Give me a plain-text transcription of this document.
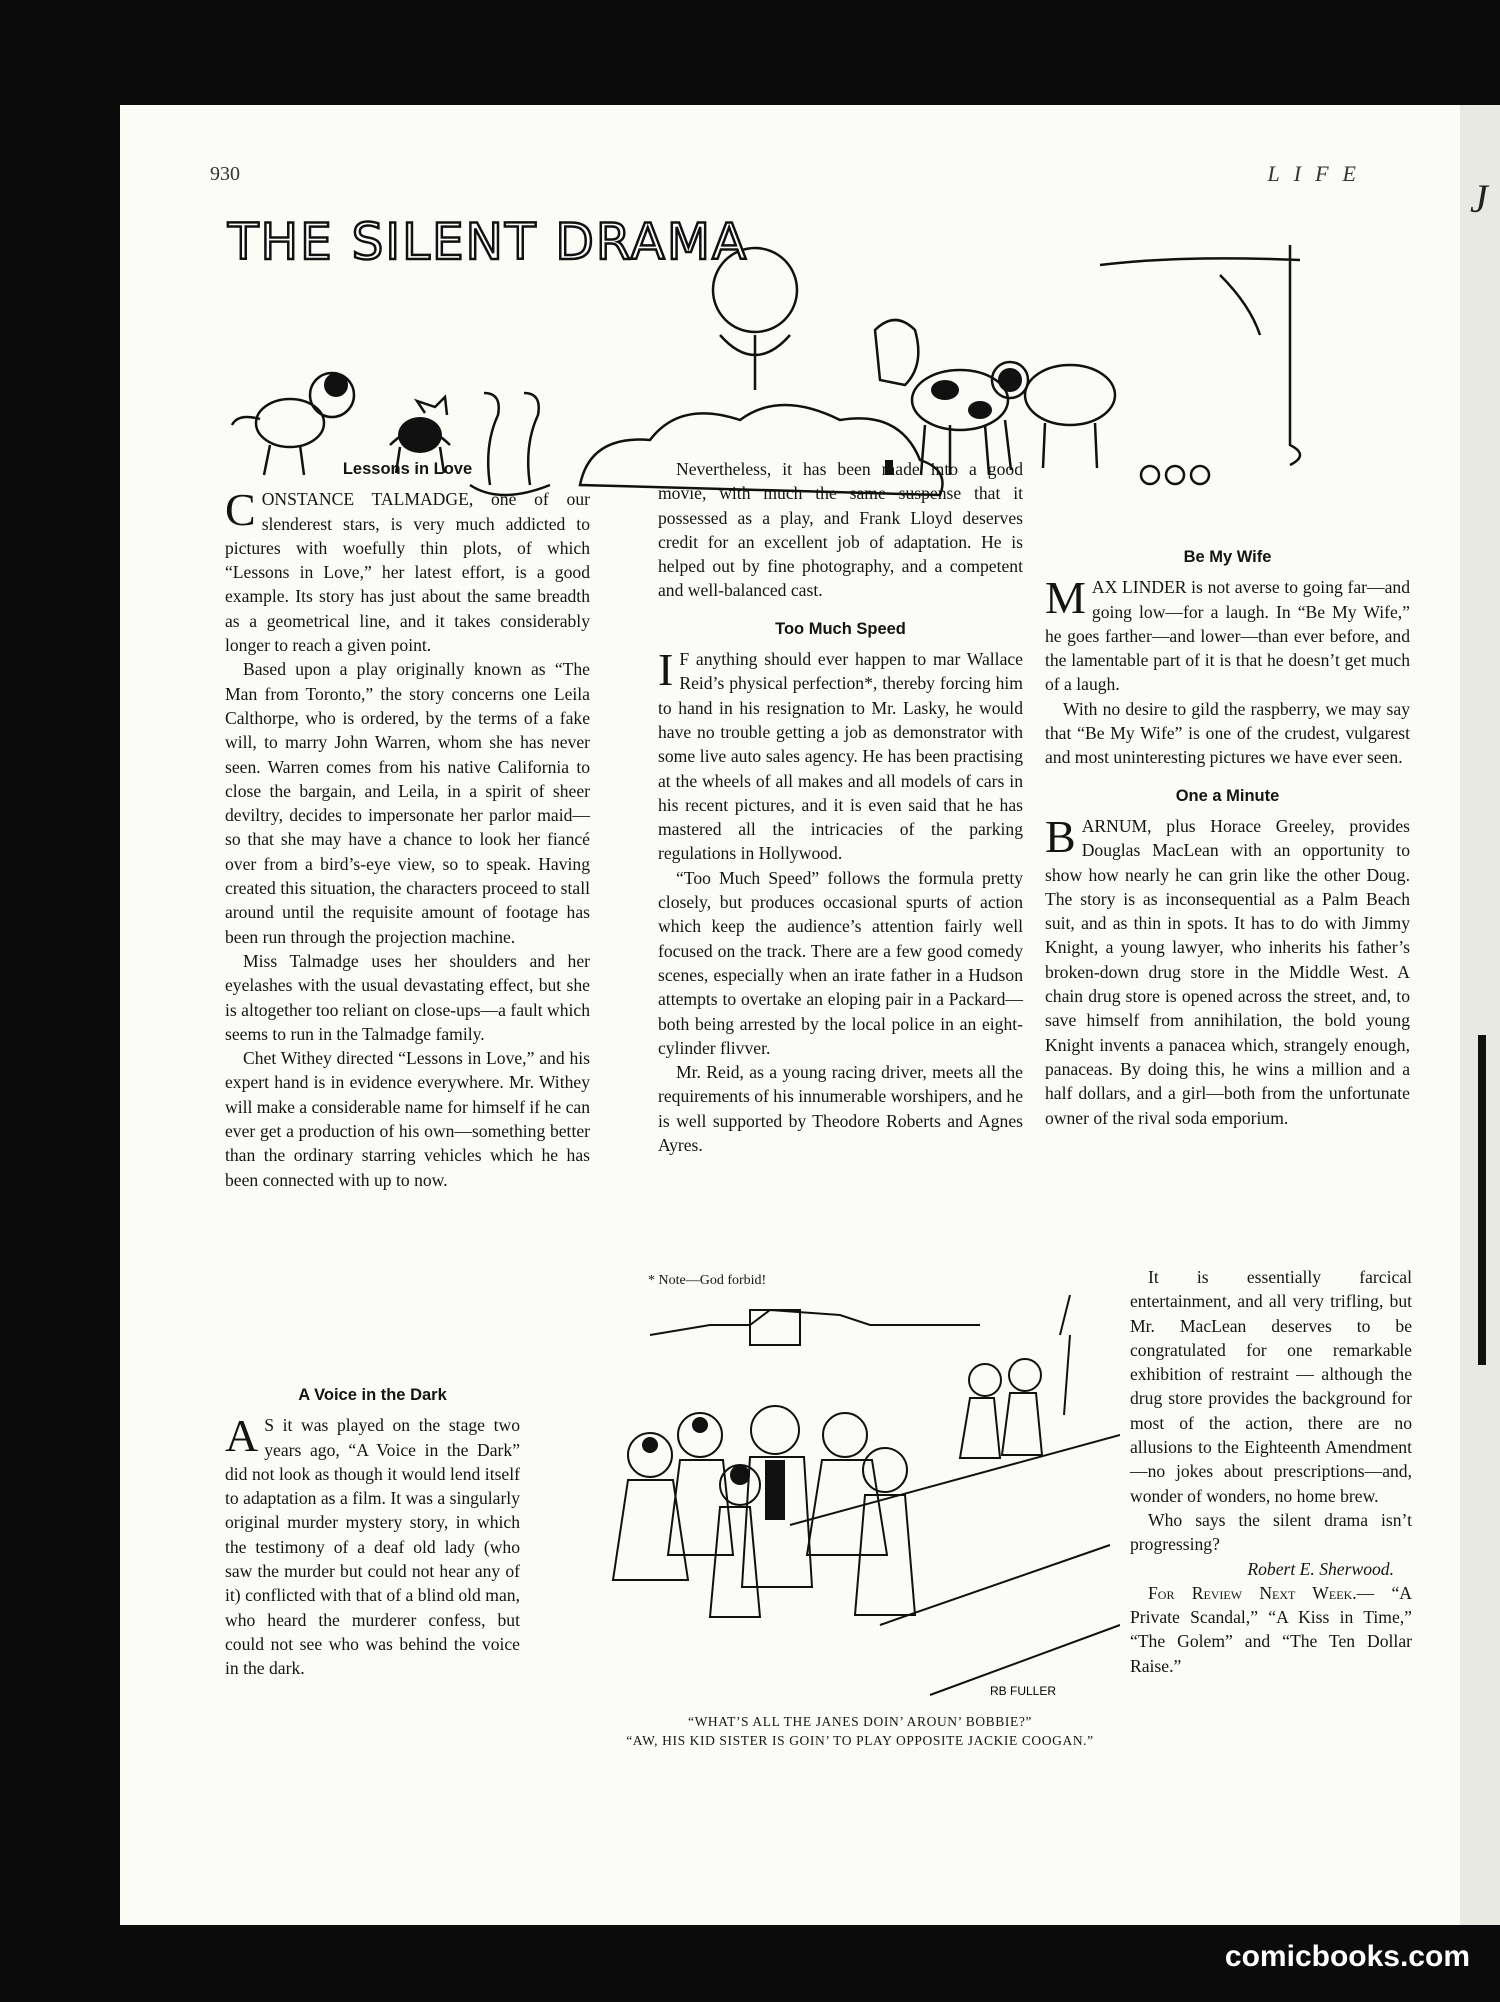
J
930	LIFE
THE SILENT DRAMA
Lessons in Love

CONSTANCE TALMADGE, one of our slenderest stars, is very much addicted to pictures with woefully thin plots, of which “Lessons in Love,” her latest effort, is a good example. Its story has just about the same breadth as a geometrical line, and it takes considerably longer to reach a given point.

Based upon a play originally known as “The Man from Toronto,” the story concerns one Leila Calthorpe, who is ordered, by the terms of a fake will, to marry John Warren, whom she has never seen. Warren comes from his native California to close the bargain, and Leila, in a spirit of sheer deviltry, decides to impersonate her parlor maid—so that she may have a chance to look her fiancé over from a bird’s-eye view, so to speak. Having created this situation, the characters proceed to stall around until the requisite amount of footage has been run through the projection machine.

Miss Talmadge uses her shoulders and her eyelashes with the usual devastating effect, but she is altogether too reliant on close-ups—a fault which seems to run in the Talmadge family.

Chet Withey directed “Lessons in Love,” and his expert hand is in evidence everywhere. Mr. Withey will make a considerable name for himself if he can ever get a production of his own—something better than the ordinary starring vehicles which he has been connected with up to now.

A Voice in the Dark

A S it was played on the stage two years ago, “A Voice in the Dark” did not look as though it would lend itself to adaptation as a film. It was a singularly original murder mystery story, in which the testimony of a deaf old lady (who saw the murder but could not hear any of it) conflicted with that of a blind old man, who heard the murderer confess, but could not see who was behind the voice in the dark.

Nevertheless, it has been made into a good movie, with much the same suspense that it possessed as a play, and Frank Lloyd deserves credit for an excellent job of adaptation. He is helped out by fine photography, and a competent and well-balanced cast.

Too Much Speed

I F anything should ever happen to mar Wallace Reid’s physical perfection*, thereby forcing him to hand in his resignation to Mr. Lasky, he would have no trouble getting a job as demonstrator with some live auto sales agency. He has been practising at the wheels of all makes and all models of cars in his recent pictures, and it is even said that he has mastered all the intricacies of the parking regulations in Hollywood.

“Too Much Speed” follows the formula pretty closely, but produces occasional spurts of action which keep the audience’s attention fairly well focused on the track. There are a few good comedy scenes, especially when an irate father in a Hudson attempts to overtake an eloping pair in a Packard—both being arrested by the local police in an eight-cylinder flivver.

Mr. Reid, as a young racing driver, meets all the requirements of his innumerable worshipers, and he is well supported by Theodore Roberts and Agnes Ayres.

* Note—God forbid!
Be My Wife

MAX LINDER is not averse to going far—and going low—for a laugh. In “Be My Wife,” he goes farther—and lower—than ever before, and the lamentable part of it is that he doesn’t get much of a laugh.

With no desire to gild the raspberry, we may say that “Be My Wife” is one of the crudest, vulgarest and most uninteresting pictures we have ever seen.

One a Minute

BARNUM, plus Horace Greeley, provides Douglas MacLean with an opportunity to show how nearly he can grin like the other Doug. The story is as inconsequential as a Palm Beach suit, and as thin in spots. It has to do with Jimmy Knight, a young lawyer, who inherits his father’s broken-down drug store in the Middle West. A chain drug store is opened across the street, and, to save himself from annihilation, the bold young Knight invents a panacea which, strangely enough, panaceas. By doing this, he wins a million and a half dollars, and a girl—both from the unfortunate owner of the rival soda emporium.

It is essentially farcical entertainment, and all very trifling, but Mr. MacLean deserves to be congratulated for one remarkable exhibition of restraint — although the drug store provides the background for most of the action, there are no allusions to the Eighteenth Amendment—no jokes about prescriptions—and, wonder of wonders, no home brew.

Who says the silent drama isn’t progressing?

Robert E. Sherwood.

For Review Next Week.— “A Private Scandal,” “A Kiss in Time,” “The Golem” and “The Ten Dollar Raise.”

RB FULLER
“WHAT’S ALL THE JANES DOIN’ AROUN’ BOBBIE?”
“AW, HIS KID SISTER IS GOIN’ TO PLAY OPPOSITE JACKIE COOGAN.”
comicbooks.com
